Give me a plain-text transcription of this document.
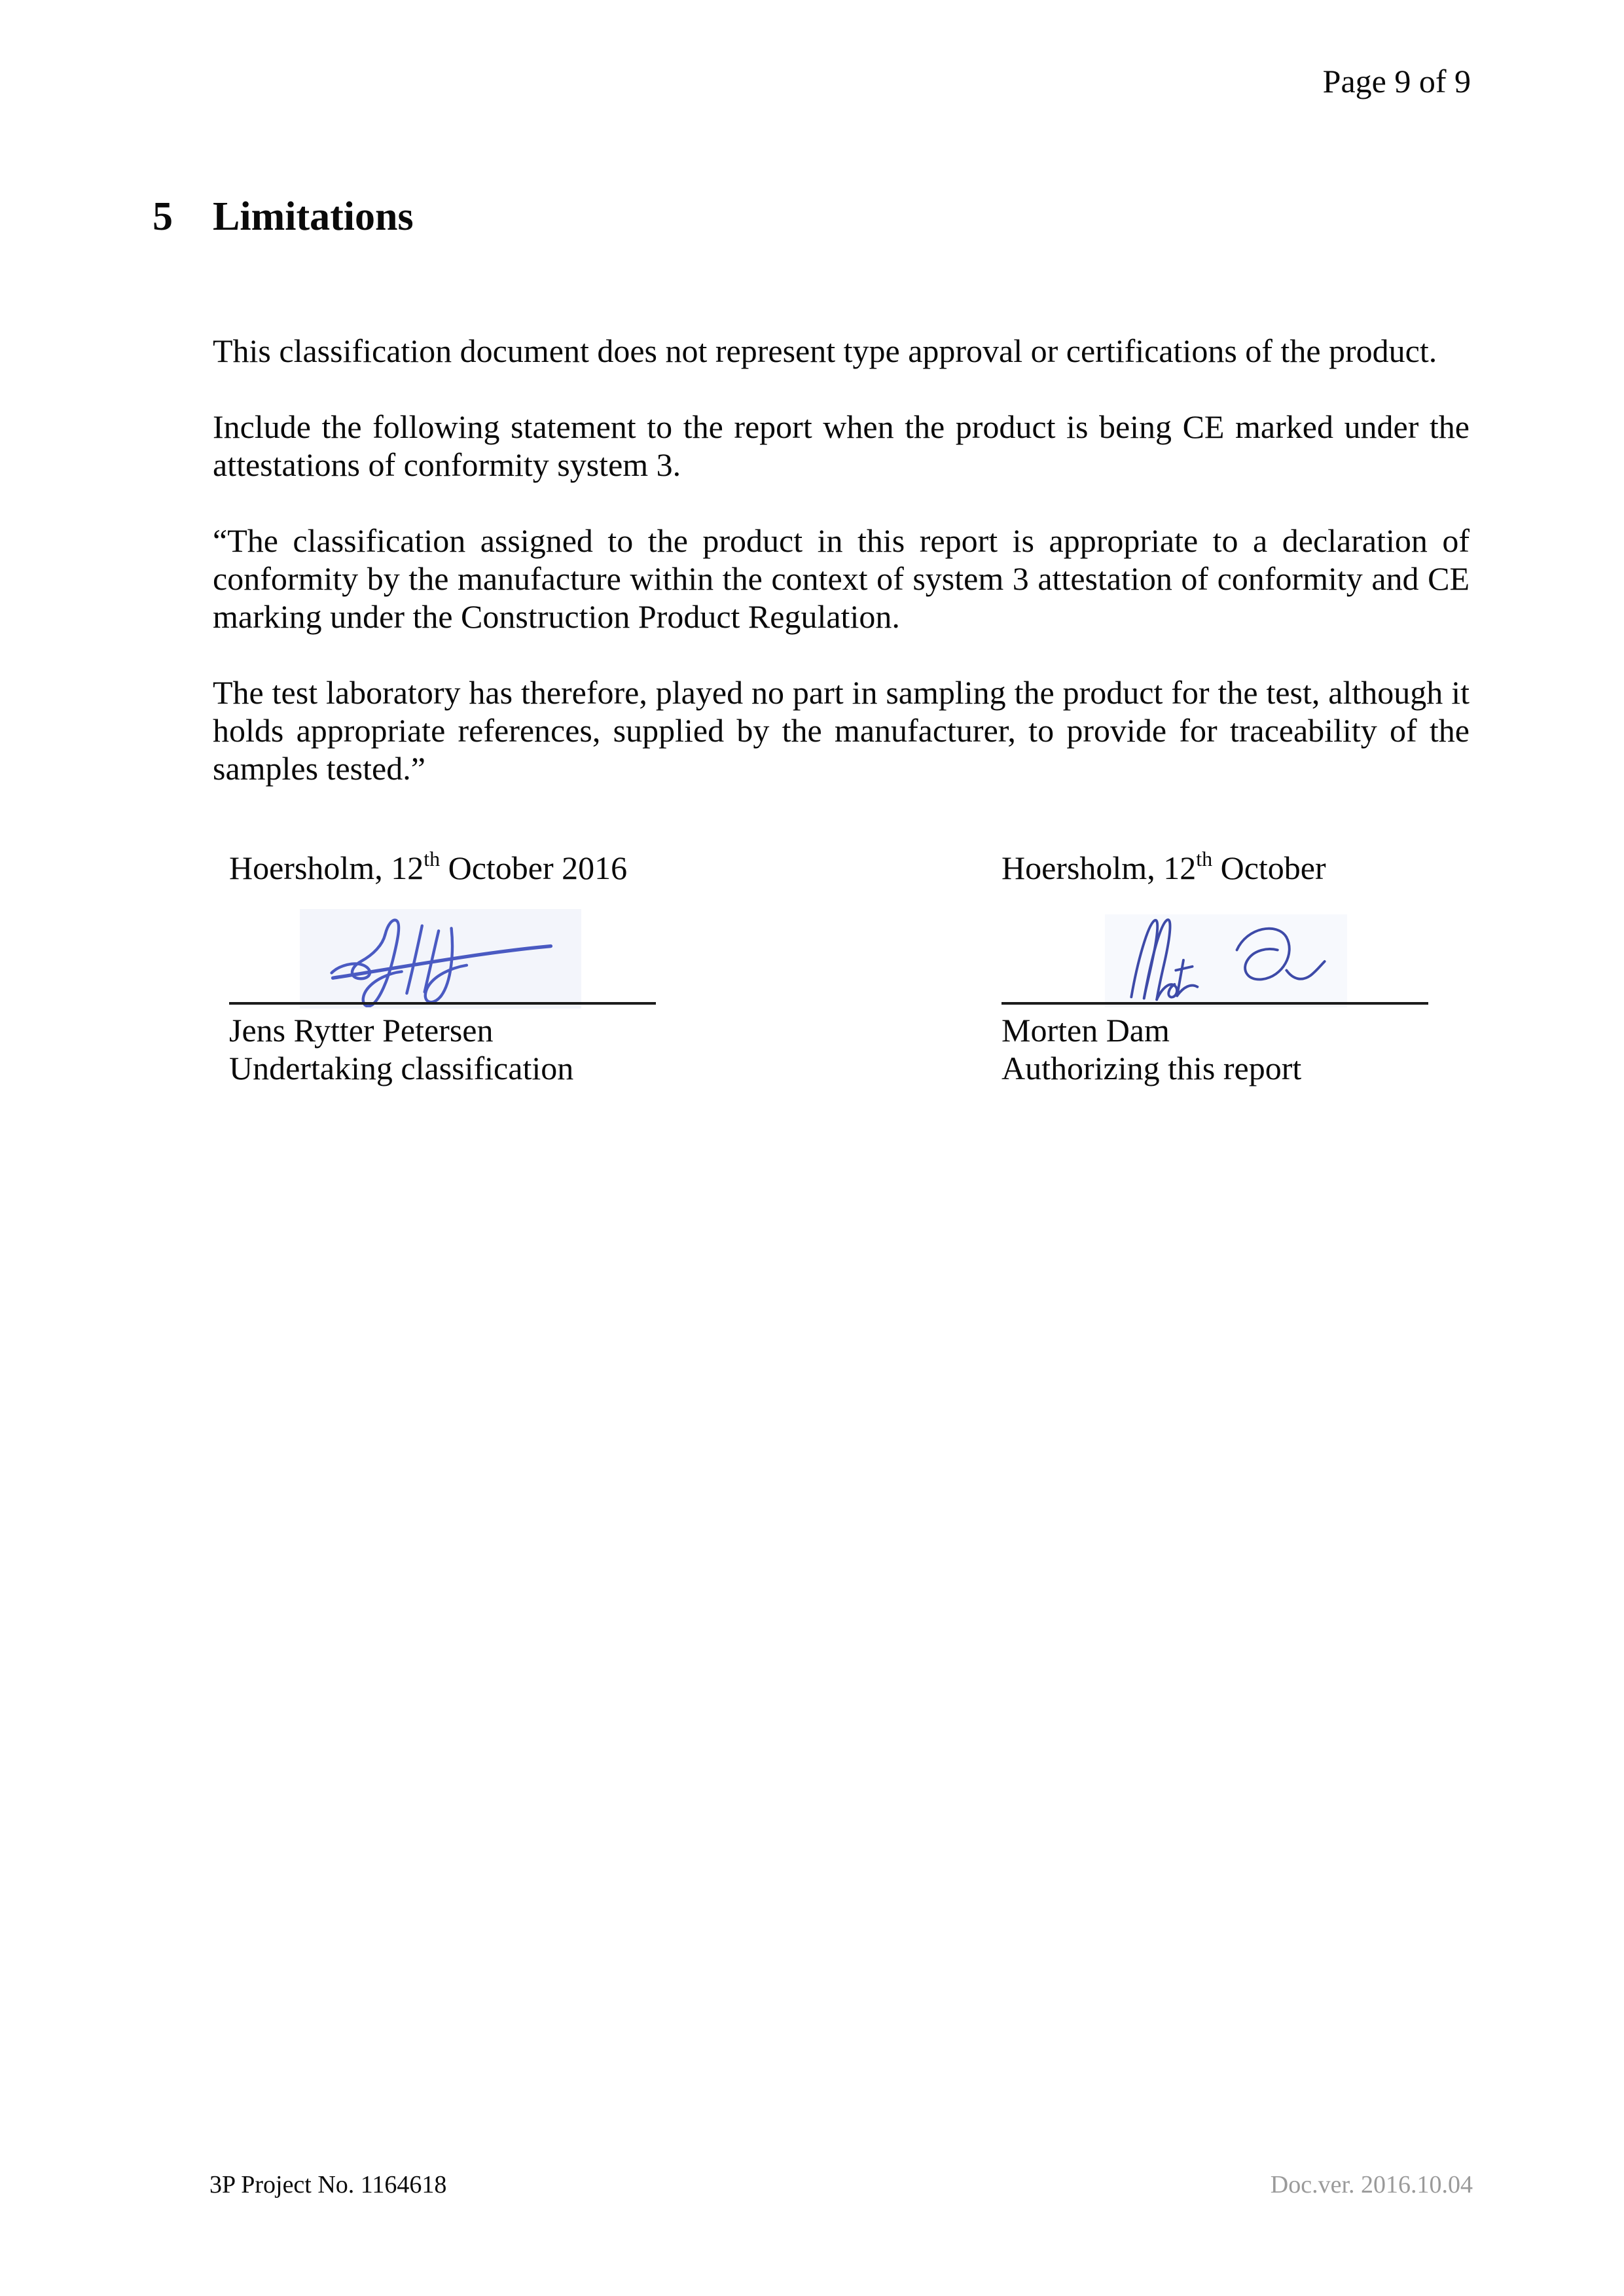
Page 9 of 9
5 Limitations

This classification document does not represent type approval or certifications of the product.

Include the following statement to the report when the product is being CE marked under the attestations of conformity system 3.

“The classification assigned to the product in this report is appropriate to a declaration of conformity by the manufacture within the context of system 3 attestation of conformity and CE marking under the Construction Product Regulation.

The test laboratory has therefore, played no part in sampling the product for the test, although it holds appropriate references, supplied by the manufacturer, to provide for traceability of the samples tested.”

Hoersholm, 12th October 2016
Jens Rytter Petersen
Undertaking classification
Hoersholm, 12th October
Morten Dam
Authorizing this report
3P Project No. 1164618	Doc.ver. 2016.10.04
